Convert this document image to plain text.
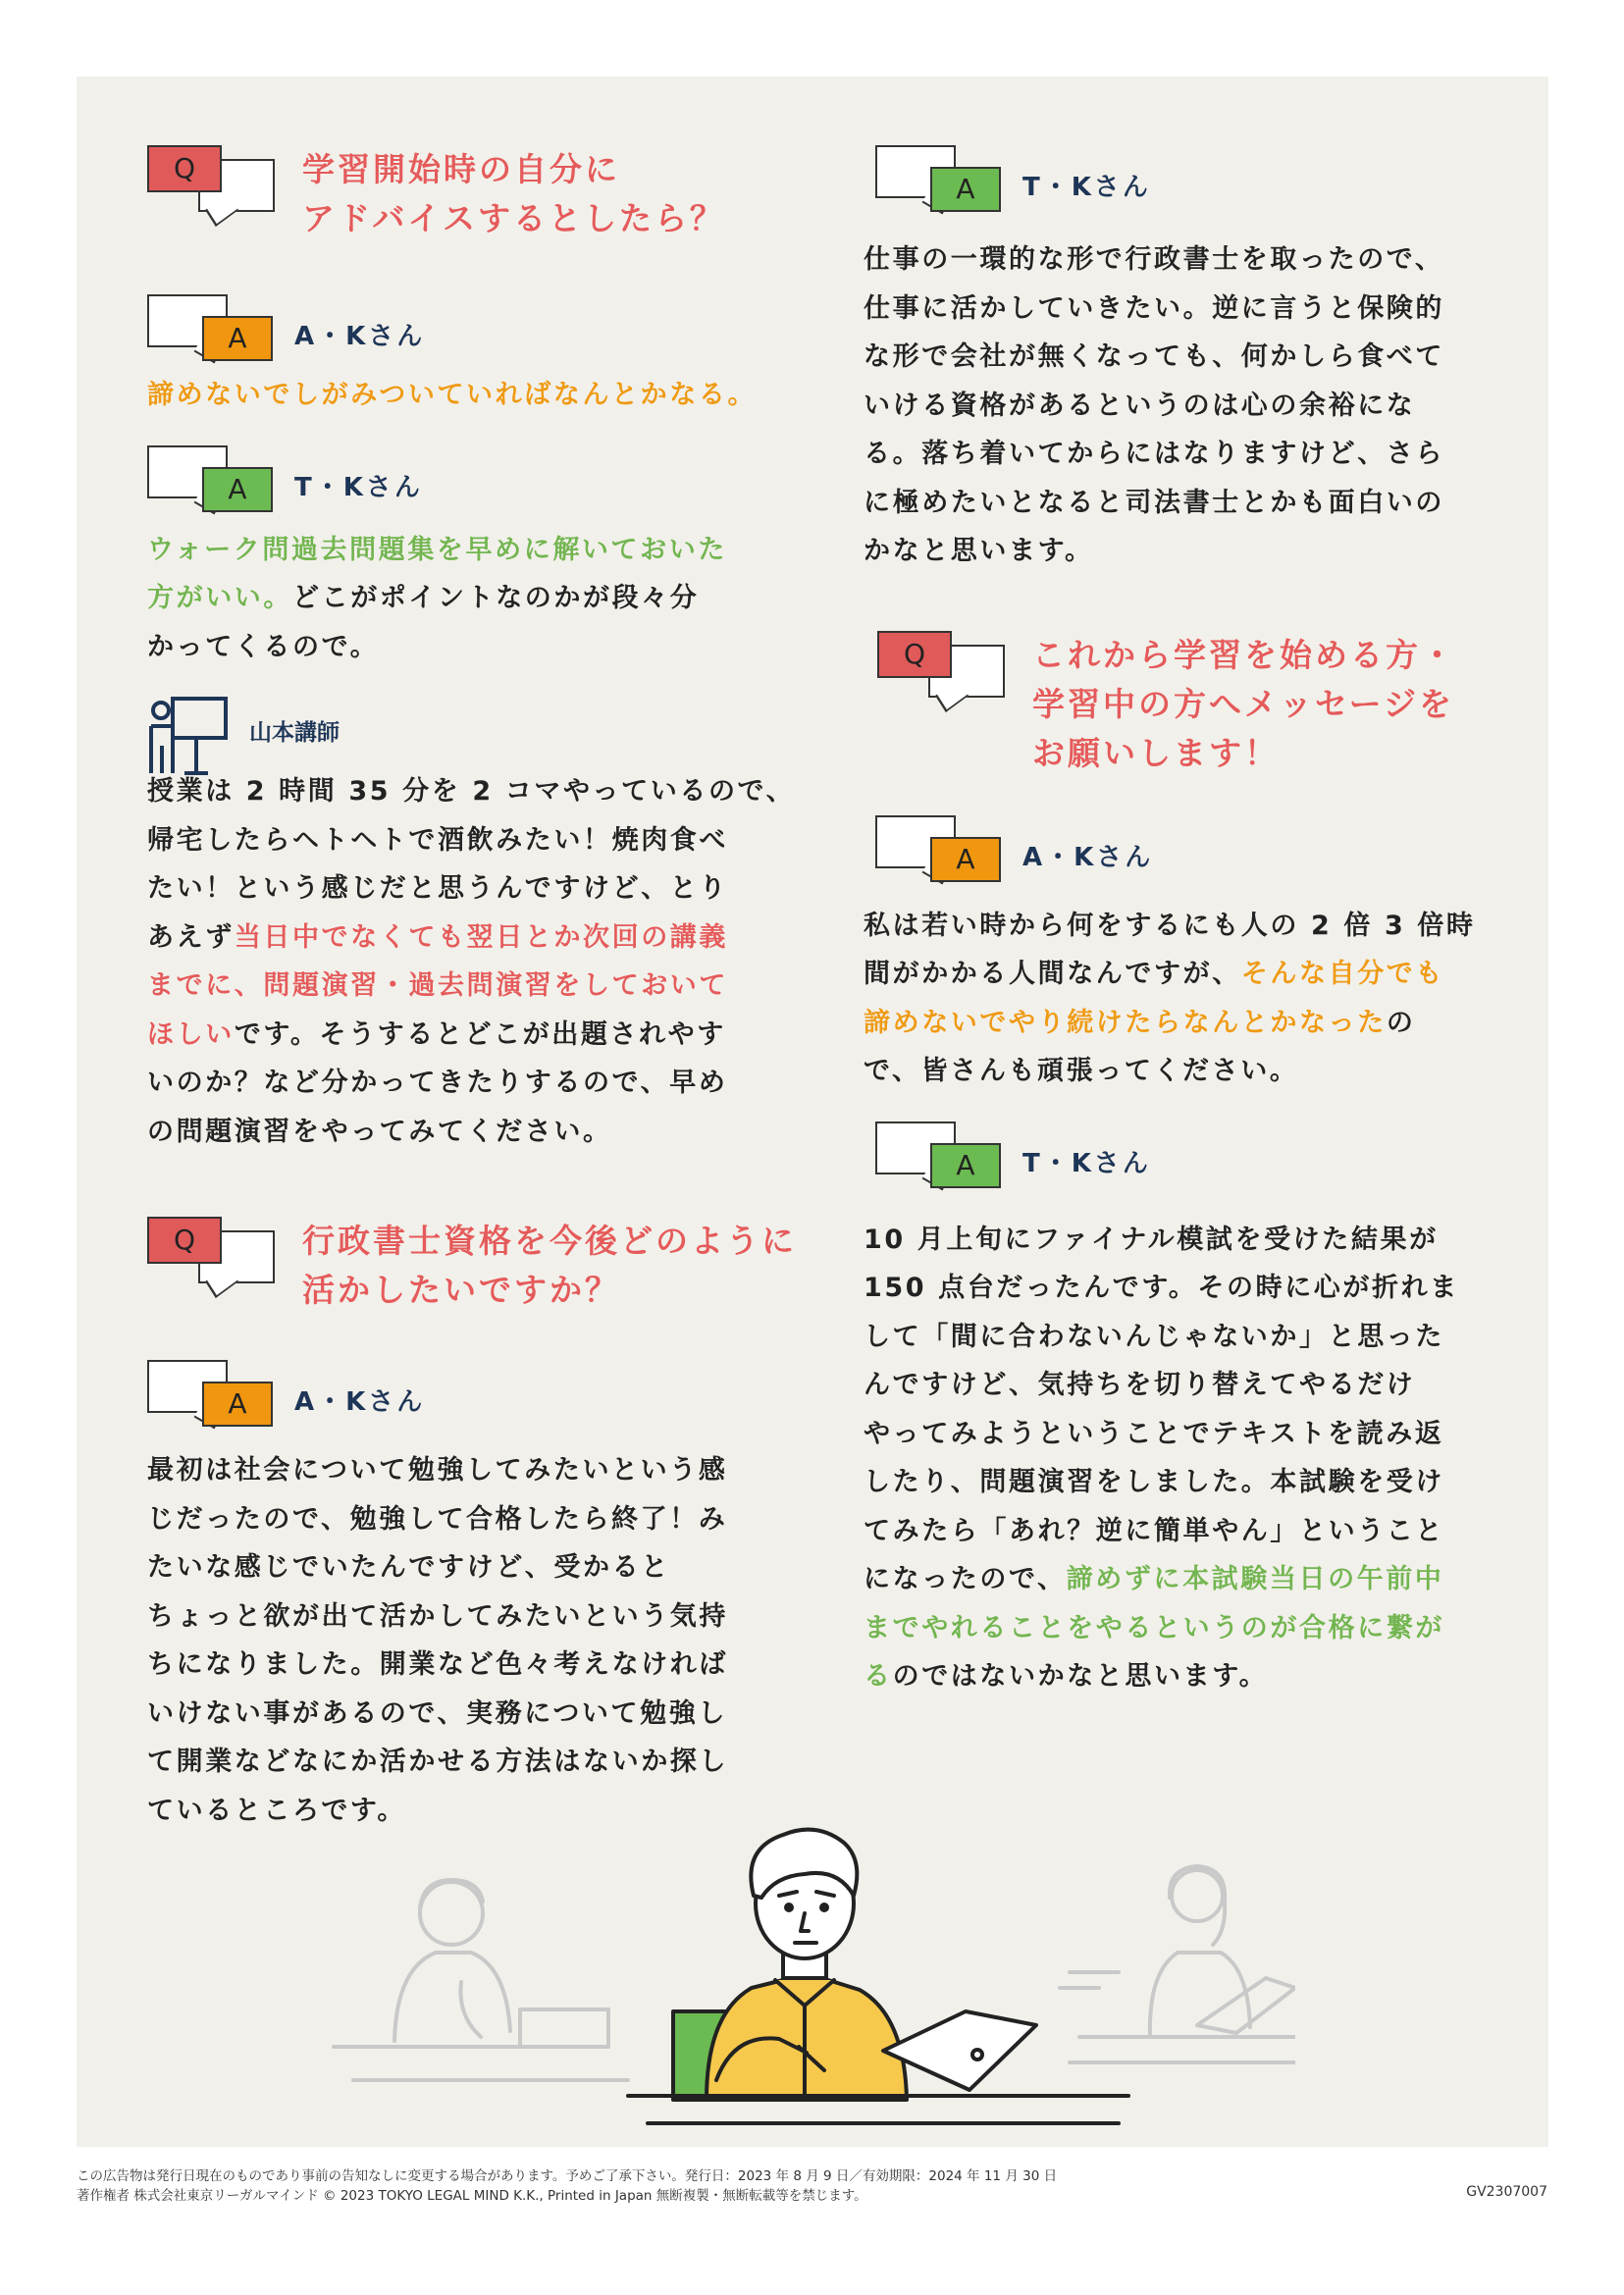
Q	学習開始時の自分に
アドバイスするとしたら？
A	A・Kさん
諦めないでしがみついていればなんとかなる。
A	T・Kさん
ウォーク問過去問題集を早めに解いておいた
方がいい。どこがポイントなのかが段々分
かってくるので。
山本講師
授業は 2 時間 35 分を 2 コマやっているので、
帰宅したらヘトヘトで酒飲みたい！焼肉食べ
たい！という感じだと思うんですけど、とり
あえず当日中でなくても翌日とか次回の講義
までに、問題演習・過去問演習をしておいて
ほしいです。そうするとどこが出題されやす
いのか？など分かってきたりするので、早め
の問題演習をやってみてください。
Q	行政書士資格を今後どのように
活かしたいですか？
A	A・Kさん
最初は社会について勉強してみたいという感
じだったので、勉強して合格したら終了！み
たいな感じでいたんですけど、受かると
ちょっと欲が出て活かしてみたいという気持
ちになりました。開業など色々考えなければ
いけない事があるので、実務について勉強し
て開業などなにか活かせる方法はないか探し
ているところです。
A	T・Kさん
仕事の一環的な形で行政書士を取ったので、
仕事に活かしていきたい。逆に言うと保険的
な形で会社が無くなっても、何かしら食べて
いける資格があるというのは心の余裕にな
る。落ち着いてからにはなりますけど、さら
に極めたいとなると司法書士とかも面白いの
かなと思います。
Q	これから学習を始める方・
学習中の方へメッセージを
お願いします！
A	A・Kさん
私は若い時から何をするにも人の 2 倍 3 倍時
間がかかる人間なんですが、そんな自分でも
諦めないでやり続けたらなんとかなったの
で、皆さんも頑張ってください。
A	T・Kさん
10 月上旬にファイナル模試を受けた結果が
150 点台だったんです。その時に心が折れま
して「間に合わないんじゃないか」と思った
んですけど、気持ちを切り替えてやるだけ
やってみようということでテキストを読み返
したり、問題演習をしました。本試験を受け
てみたら「あれ？逆に簡単やん」ということ
になったので、諦めずに本試験当日の午前中
までやれることをやるというのが合格に繋が
るのではないかなと思います。
この広告物は発行日現在のものであり事前の告知なしに変更する場合があります。予めご了承下さい。発行日：2023 年 8 月 9 日／有効期限：2024 年 11 月 30 日
著作権者 株式会社東京リーガルマインド © 2023 TOKYO LEGAL MIND K.K., Printed in Japan 無断複製・無断転載等を禁じます。	GV2307007
